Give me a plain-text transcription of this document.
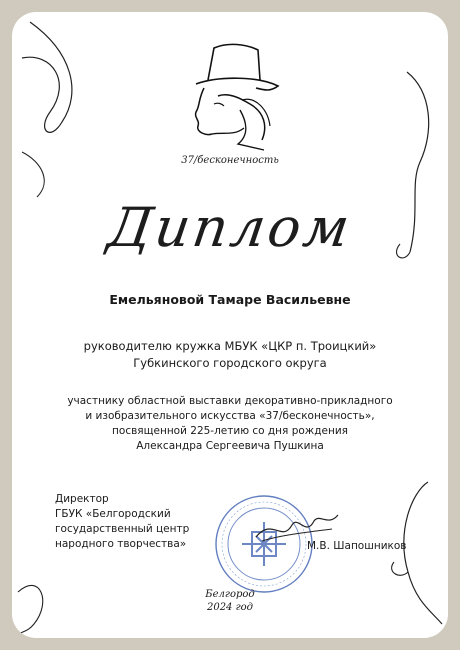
37/бесконечность
Диплом
Емельяновой Тамаре Васильевне
руководителю кружка МБУК «ЦКР п. Троицкий»
Губкинского городского округа
участнику областной выставки декоративно-прикладного
и изобразительного искусства «37/бесконечность»,
посвященной 225-летию со дня рождения
Александра Сергеевича Пушкина
Директор
ГБУК «Белгородский
государственный центр
народного творчества»	М.В. Шапошников
Белгород
2024 год
